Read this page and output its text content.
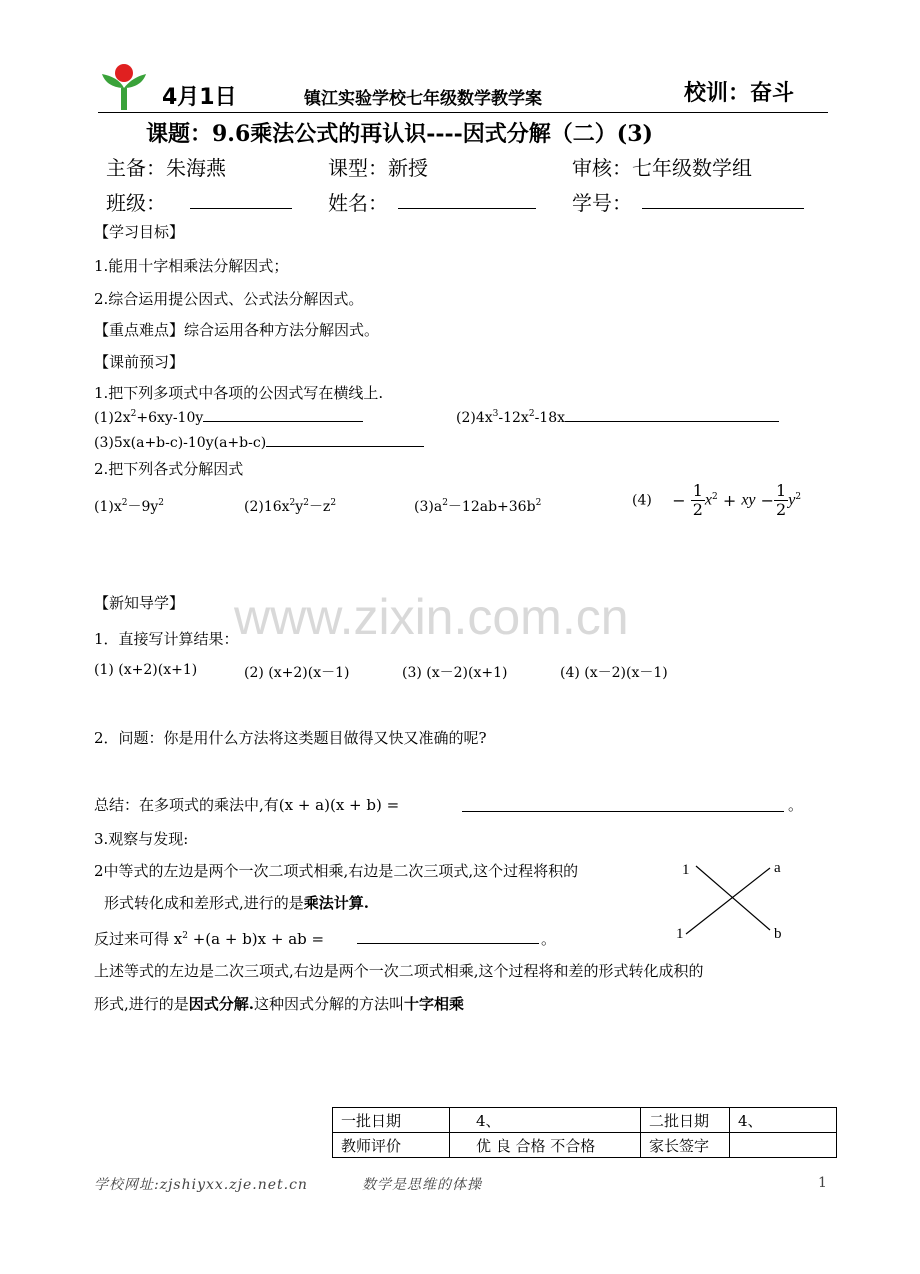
4月1日	镇江实验学校七年级数学教学案	校训：奋斗
课题：9.6乘法公式的再认识----因式分解（二）(3)
主备：朱海燕	课型：新授	审核：七年级数学组
班级：	姓名：	学号：
【学习目标】
1.能用十字相乘法分解因式；
2.综合运用提公因式、公式法分解因式。
【重点难点】综合运用各种方法分解因式。
【课前预习】
1.把下列多项式中各项的公因式写在横线上.
$(1)2x^2+6xy-10y$	$(2)4x^3-12x^2-18x$
(3)5x(a+b-c)-10y(a+b-c)
2.把下列各式分解因式
$(1)x^2-9y^2$	$(2)16x^2y^2-z^2$	$(3)a^2-12ab+36b^2$	$(4) - \frac{1}{2} x^2$ + xy − $\frac{1}{2} y^2$
www.zixin.com.cn
【新知导学】
1．直接写计算结果：
(1) (x+2)(x+1)	(2) (x+2)(x－1)	(3) (x－2)(x+1)	(4) (x－2)(x－1)
2．问题：你是用什么方法将这类题目做得又快又准确的呢?
总结：在多项式的乘法中,有(x + a)(x + b) =	。
3.观察与发现:
2中等式的左边是两个一次二项式相乘,右边是二次三项式,这个过程将积的
形式转化成和差形式,进行的是乘法计算.
反过来可得 $x^2 +(a + b)x$ + ab =	。
上述等式的左边是二次三项式,右边是两个一次二项式相乘,这个过程将和差的形式转化成积的
形式,进行的是因式分解.这种因式分解的方法叫十字相乘
1	a
1	b
一批日期	4、	二批日期	4、
教师评价	优 良 合格 不合格	家长签字	
学校网址:zjshiyxx.zje.net.cn	数学是思维的体操	1
